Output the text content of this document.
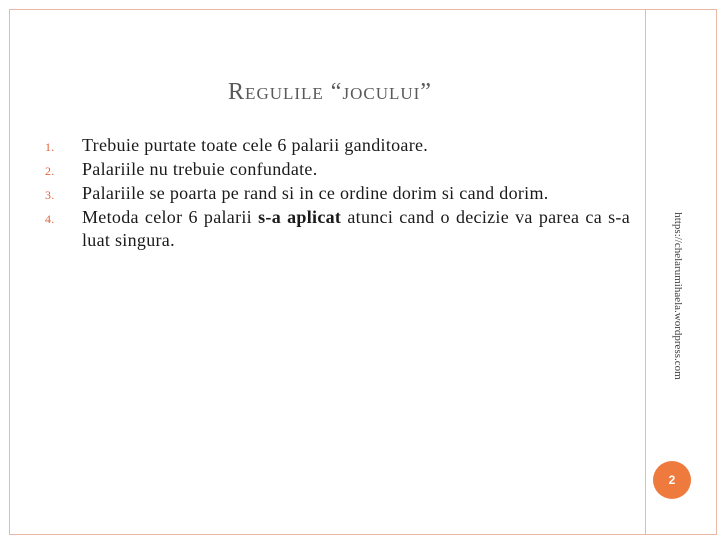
Regulile “jocului”
1. Trebuie purtate toate cele 6 palarii ganditoare.
2. Palariile nu trebuie confundate.
3. Palariile se poarta pe rand si in ce ordine dorim si cand dorim.
4. Metoda celor 6 palarii s-a aplicat atunci cand o decizie va parea ca s-a luat singura.	https://chelarumihaela.wordpress.com
2
